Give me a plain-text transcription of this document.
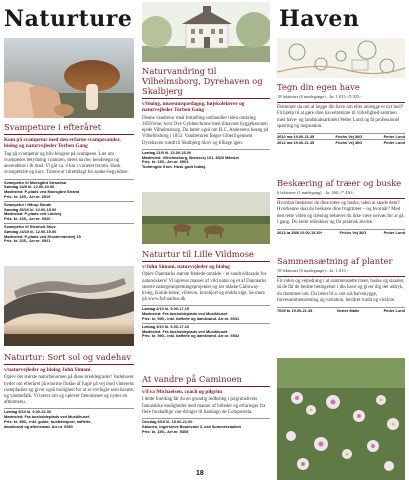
Naturture
Svampeture i efteråret
Kom på svampetur med den erfarne svampesamler, biolog og naturvejleder Torben Gang
Tag på svampetur og bliv klogere på svampene. Lær om svampenes betydning i naturen, deres navne, kendetegn og anvendelse i & mad. Vi går ca. 4 km i varieret terræn. Husk svampebrile og kurv. Turene er tilrettelagt for sanke-begyndere.
Svampetur til Moesgård Strandsø
Søndag 24/9 kl. 12.00-15.00
Mødested: P-plads ved Moesgård Strand
Pris: kr. 225,- Arr.nr. 6919
Svampetur i Hårup Sande
Søndag 30/10 kl. 12.00-15.00
Mødested: P-plads ved Lindvej
Pris: kr. 225,- Arr.nr. 6920
Svampetur til Stenholt Skov
Søndag 24/10 kl. 12.00-15.00
Mødested: P-plads ved Klostervandvej 29
Pris: kr. 225,- Arr.nr. 6921
Naturtur: Sort sol og vadehav
v/naturvejleder og biolog John Simoni
Oplev det største naturfænomen på disse breddegrader! Vadehavet byder om efteråret på enorme flokke af fugle på vej mod vinterens rastepladser og giver også mulighed for at se rovfugle som havørn og vandrefalk. Vi bærer om og oplever fænomenet og nyder en aftenmenu.
Lørdag 9/10 kl. 9.00-22.30
Mødested: Fra busholdeplads ved Musikhuset
Pris: kr. 850,- inkl. guide, busfransport, kaffe/te,
damkvand og aftensmad. Arr.nr. 6930
Naturvandring til Vilhelmsborg, Dyrehaven og Skalbjerg
v/biolog, museumspædagog, højskolelærer og naturvejleder Torben Gang
Denne vandretur med fortælling omhandler tiden omkring 1850'erne, hvor Ove Gyldenchrone med tilnavnet byggebaronen ejede Vilhelmsborg. Du hører også om H.C. Andersens besøg på Vilhelmsborg i 1853. Vandreturen følger Giberå gennem Dyrehaven rundt til Skalbjerg Skov og tilbage igen.
Lørdag 21/9 kl. 13.00-15.00
Mødested: Vilhelmsborg, Bedervej 101, 8320 Mårslet
Pris: kr. 150,- Arr.nr. 6903
Turlængde 5 km. Husk godt fodtøj.
Naturtur til Lille Vildmose
v/John Simoni, naturvejleder og biolog
Oplev Danmarks største fredede område – et sandt eldorado for naturelskere! Vi oplever masser af vild natur og et af Danmarks største naturgenopretningsprojekter og ser måske Galloway-kvæg, Konik-heste, vildsvin, kronhjort og endda ulge. Se mere på www.fof-aarhus.dk
Lørdag 2/10 kl. 9.00-17.15
Mødested: Fra busholdeplads ved Musikhuset
Pris: kr. 590,- inkl. kaffe/te og damkvand. Arr.nr. 6931
Lørdag 3/10 kl. 9.00-17.15
Mødested: Fra busholdeplads ved Musikhuset
Pris: kr. 590,- inkl. kaffe/te og damkvand. Arr.nr. 6932
At vandre på Caminoen
v/Eva Michaelsen, coach og pilgrim
I dette foredrag får du en grundig indføring i pilgrimslivets fantastiske muligheder med masser af billeder og erfaringer fra flere forskellige van-dringer til Santiago de Compostela.
Onsdag 6/10 kl. 19.00-21.00
Salonen, Ingerslevs Boulevard 3, ved Sommerstadien
Pris: kr. 150,- Arr.nr. 5305
Haven
Tegn din egen have
18 lektioner (6 mødegange) – kr. 1.015,-/5 925,-
Drømmer du om at lægge din have om eller anlægge et nyt bed? Få hjælp til at gøre dine havedrømme til virkelighed sammen med have- og landskabsarkitekt Peder Lund og få professionel sparring og inspiration.
2610 ma 19.00-21.45	Frichs Vej 36G	Peder Lund
2612 ma 19.00-21.45	Frichs Vej 36G	Peder Lund
Beskæring af træer og buske
6 lektioner (1 mødegang) – kr. 460,-/* 430,-
Hvordan beskærer du dine træer og buske, uden at skade dem? Hvorhenne skal du beskære dine frugttræer – og hvornår? Med den rette viden og træning behøver du ikke være nervøs for at gå i gang. Du lærer teknikker og får praktisk øvelse.
2613 lø 28/8 10.00-15.30*	Frichs Vej 36G	Peder Lund
Sammensætning af planter
18 lektioner (6 mødegange) – kr. 1.015,-
Få viden og vejledning i at sammensætte træer, buske og stauder, så de får de bedste betingelser i din have og giver dig det udtryk, du drømmer om. Du lærer bl.a. om sol/halvskygge, farvesammensætning og variation, hel/året rundt og vind/læ.
7005 to 19.00-21.45	Vester Mølle	Peder Lund
18
